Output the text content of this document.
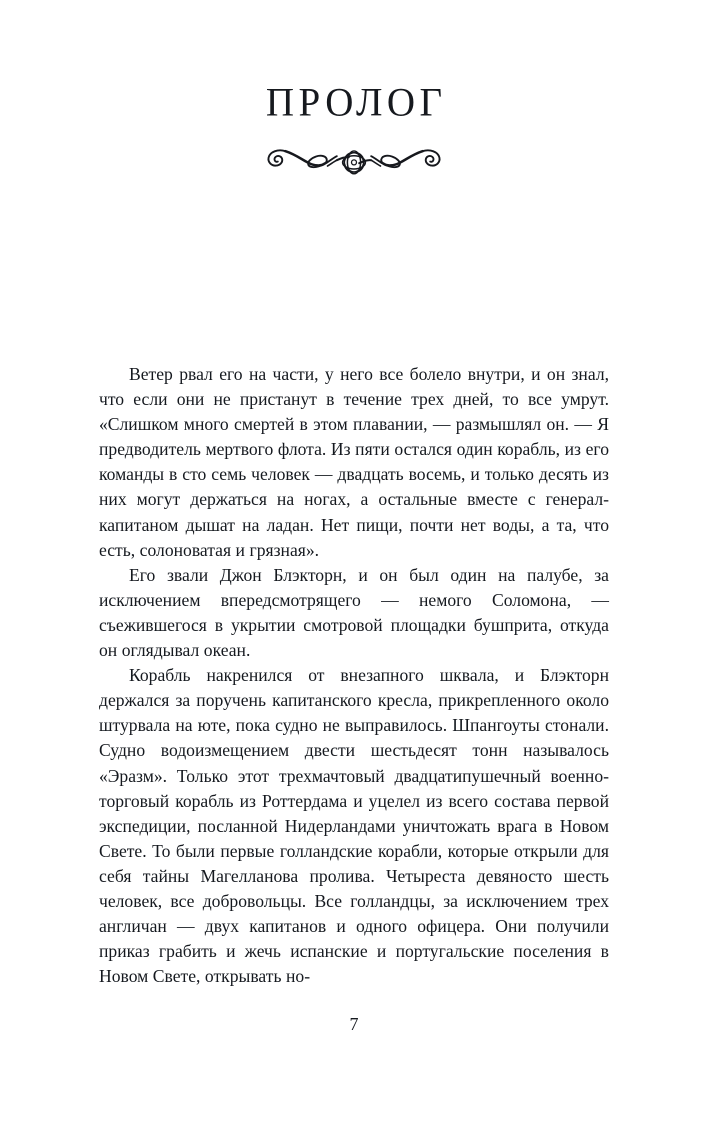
ПРОЛОГ

Ветер рвал его на части, у него все болело внутри, и он знал, что если они не пристанут в течение трех дней, то все умрут. «Слишком много смертей в этом плавании, — размышлял он. — Я предводитель мертвого флота. Из пяти остался один корабль, из его команды в сто семь человек — двадцать восемь, и только десять из них могут держаться на ногах, а остальные вместе с генерал-капитаном дышат на ладан. Нет пищи, почти нет воды, а та, что есть, солоноватая и грязная».

Его звали Джон Блэкторн, и он был один на палубе, за исключением впередсмотрящего — немого Соломона, — съежившегося в укрытии смотровой площадки бушприта, откуда он оглядывал океан.

Корабль накренился от внезапного шквала, и Блэкторн держался за поручень капитанского кресла, прикрепленного около штурвала на юте, пока судно не выправилось. Шпангоуты стонали. Судно водоизмещением двести шестьдесят тонн называлось «Эразм». Только этот трехмачтовый двадцатипушечный военно-торговый корабль из Роттердама и уцелел из всего состава первой экспедиции, посланной Нидерландами уничтожать врага в Новом Свете. То были первые голландские корабли, которые открыли для себя тайны Магелланова пролива. Четыреста девяносто шесть человек, все добровольцы. Все голландцы, за исключением трех англичан — двух капитанов и одного офицера. Они получили приказ грабить и жечь испанские и португальские поселения в Новом Свете, открывать но-

7
